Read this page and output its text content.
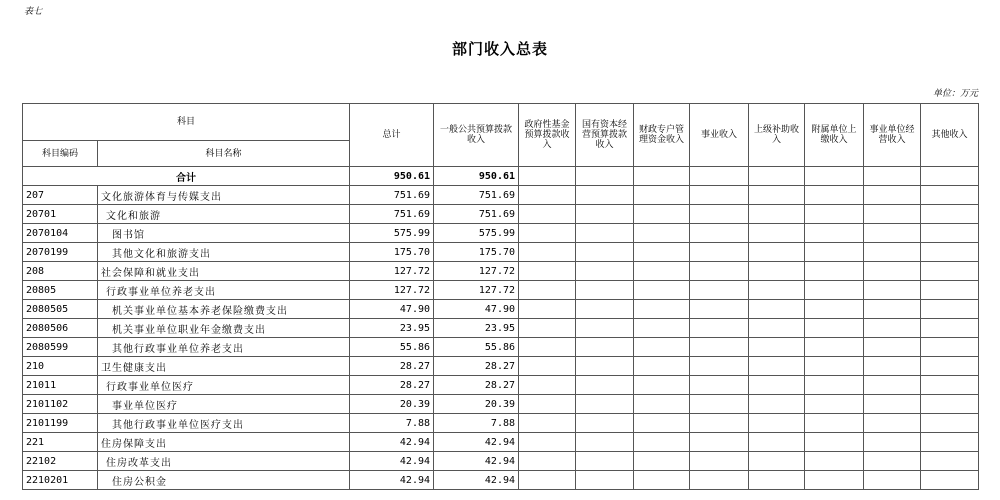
表七
部门收入总表
单位：万元
科目		总计	一般公共预算拨款收入	政府性基金预算拨款收入	国有资本经营预算拨款收入	财政专户管理资金收入	事业收入	上级补助收入	附属单位上缴收入	事业单位经营收入	其他收入
科目编码	科目名称										
合计		950.61	950.61								
207	文化旅游体育与传媒支出	751.69	751.69								
20701	文化和旅游	751.69	751.69								
2070104	图书馆	575.99	575.99								
2070199	其他文化和旅游支出	175.70	175.70								
208	社会保障和就业支出	127.72	127.72								
20805	行政事业单位养老支出	127.72	127.72								
2080505	机关事业单位基本养老保险缴费支出	47.90	47.90								
2080506	机关事业单位职业年金缴费支出	23.95	23.95								
2080599	其他行政事业单位养老支出	55.86	55.86								
210	卫生健康支出	28.27	28.27								
21011	行政事业单位医疗	28.27	28.27								
2101102	事业单位医疗	20.39	20.39								
2101199	其他行政事业单位医疗支出	7.88	7.88								
221	住房保障支出	42.94	42.94								
22102	住房改革支出	42.94	42.94								
2210201	住房公积金	42.94	42.94								
